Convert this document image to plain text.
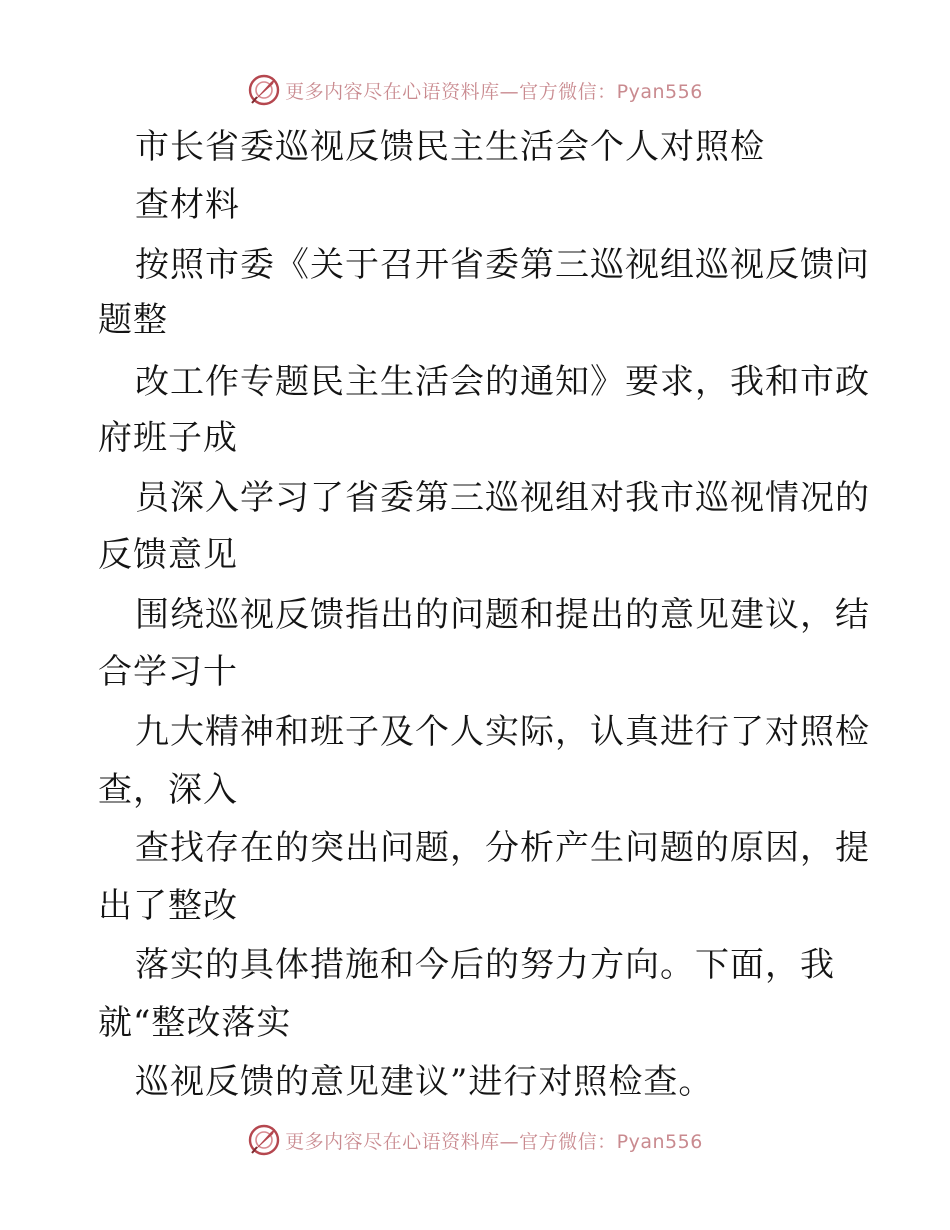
更多内容尽在心语资料库—官方微信：Pyan556
市长省委巡视反馈民主生活会个人对照检
查材料
按照市委《关于召开省委第三巡视组巡视反馈问
题整
改工作专题民主生活会的通知》要求，我和市政
府班子成
员深入学习了省委第三巡视组对我市巡视情况的
反馈意见
围绕巡视反馈指出的问题和提出的意见建议，结
合学习十
九大精神和班子及个人实际，认真进行了对照检
查，深入
查找存在的突出问题，分析产生问题的原因，提
出了整改
落实的具体措施和今后的努力方向。下面，我
就“整改落实
巡视反馈的意见建议”进行对照检查。
更多内容尽在心语资料库—官方微信：Pyan556
